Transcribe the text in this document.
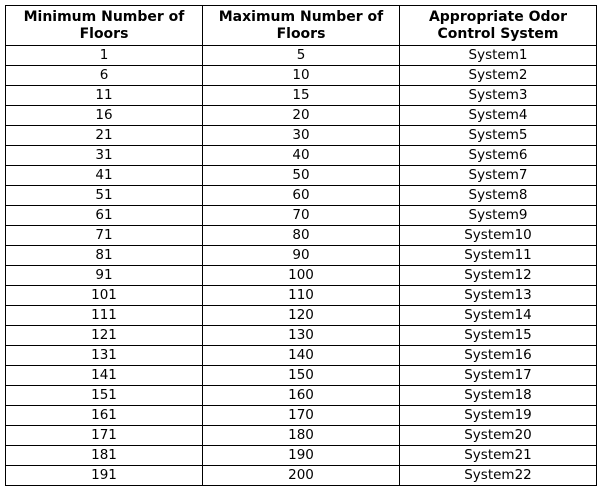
Minimum Number of Floors	Maximum Number of Floors	Appropriate Odor Control System
1	5	System1
6	10	System2
11	15	System3
16	20	System4
21	30	System5
31	40	System6
41	50	System7
51	60	System8
61	70	System9
71	80	System10
81	90	System11
91	100	System12
101	110	System13
111	120	System14
121	130	System15
131	140	System16
141	150	System17
151	160	System18
161	170	System19
171	180	System20
181	190	System21
191	200	System22
